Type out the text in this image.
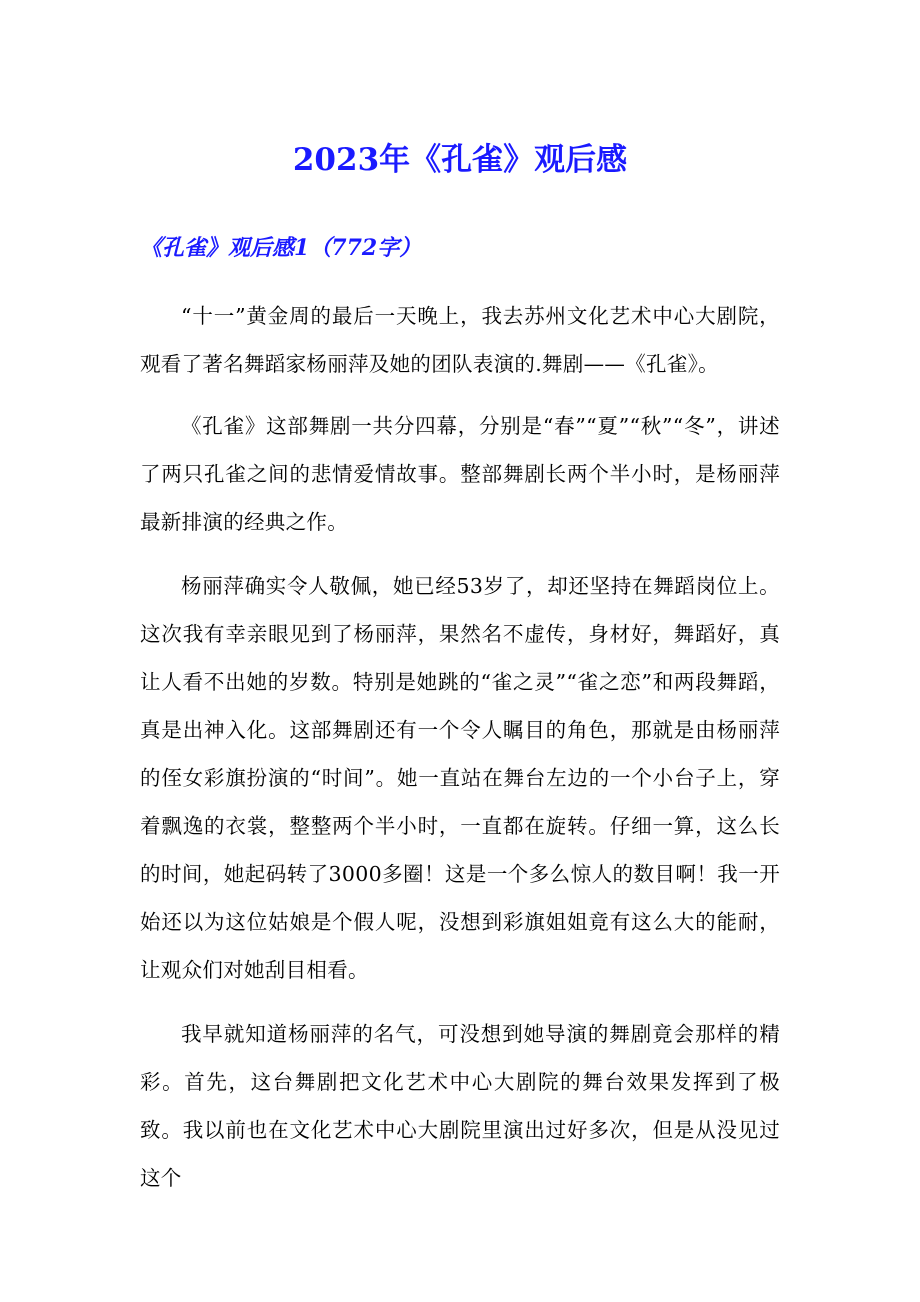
2023年《孔雀》观后感
《孔雀》观后感1（772字）

“十一”黄金周的最后一天晚上，我去苏州文化艺术中心大剧院，观看了著名舞蹈家杨丽萍及她的团队表演的.舞剧——《孔雀》。

《孔雀》这部舞剧一共分四幕，分别是“春”“夏”“秋”“冬”，讲述了两只孔雀之间的悲情爱情故事。整部舞剧长两个半小时，是杨丽萍最新排演的经典之作。

杨丽萍确实令人敬佩，她已经53岁了，却还坚持在舞蹈岗位上。这次我有幸亲眼见到了杨丽萍，果然名不虚传，身材好，舞蹈好，真让人看不出她的岁数。特别是她跳的“雀之灵”“雀之恋”和两段舞蹈，真是出神入化。这部舞剧还有一个令人瞩目的角色，那就是由杨丽萍的侄女彩旗扮演的“时间”。她一直站在舞台左边的一个小台子上，穿着飘逸的衣裳，整整两个半小时，一直都在旋转。仔细一算，这么长的时间，她起码转了3000多圈！这是一个多么惊人的数目啊！我一开始还以为这位姑娘是个假人呢，没想到彩旗姐姐竟有这么大的能耐，让观众们对她刮目相看。

我早就知道杨丽萍的名气，可没想到她导演的舞剧竟会那样的精彩。首先，这台舞剧把文化艺术中心大剧院的舞台效果发挥到了极致。我以前也在文化艺术中心大剧院里演出过好多次，但是从没见过这个
